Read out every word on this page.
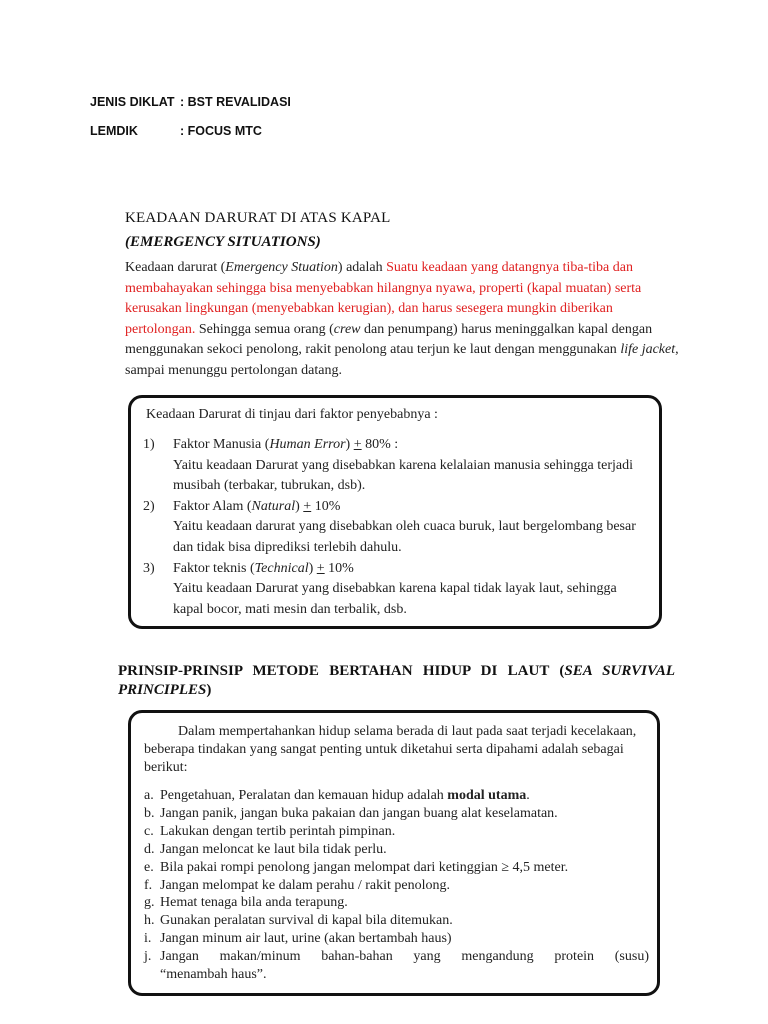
JENIS DIKLAT : BST REVALIDASI
LEMDIK	: FOCUS MTC
KEADAAN DARURAT DI ATAS KAPAL
(EMERGENCY SITUATIONS)
Keadaan darurat (Emergency Stuation) adalah Suatu keadaan yang datangnya tiba-tiba dan membahayakan sehingga bisa menyebabkan hilangnya nyawa, properti (kapal muatan) serta kerusakan lingkungan (menyebabkan kerugian), dan harus sesegera mungkin diberikan pertolongan. Sehingga semua orang (crew dan penumpang) harus meninggalkan kapal dengan menggunakan sekoci penolong, rakit penolong atau terjun ke laut dengan menggunakan life jacket, sampai menunggu pertolongan datang.
Keadaan Darurat di tinjau dari faktor penyebabnya :
1) Faktor Manusia (Human Error) + 80% :
Yaitu keadaan Darurat yang disebabkan karena kelalaian manusia sehingga terjadi musibah (terbakar, tubrukan, dsb).
2) Faktor Alam (Natural) + 10%
Yaitu keadaan darurat yang disebabkan oleh cuaca buruk, laut bergelombang besar dan tidak bisa diprediksi terlebih dahulu.
3) Faktor teknis (Technical) + 10%
Yaitu keadaan Darurat yang disebabkan karena kapal tidak layak laut, sehingga kapal bocor, mati mesin dan terbalik, dsb.
PRINSIP-PRINSIP METODE BERTAHAN HIDUP DI LAUT (SEA SURVIVAL
PRINCIPLES)
Dalam mempertahankan hidup selama berada di laut pada saat terjadi kecelakaan, beberapa tindakan yang sangat penting untuk diketahui serta dipahami adalah sebagai berikut:
a. Pengetahuan, Peralatan dan kemauan hidup adalah modal utama.
b. Jangan panik, jangan buka pakaian dan jangan buang alat keselamatan.
c. Lakukan dengan tertib perintah pimpinan.
d. Jangan meloncat ke laut bila tidak perlu.
e. Bila pakai rompi penolong jangan melompat dari ketinggian ≥ 4,5 meter.
f. Jangan melompat ke dalam perahu / rakit penolong.
g. Hemat tenaga bila anda terapung.
h. Gunakan peralatan survival di kapal bila ditemukan.
i. Jangan minum air laut, urine (akan bertambah haus)
j. Jangan makan/minum bahan-bahan yang mengandung protein (susu)
“menambah haus”.
